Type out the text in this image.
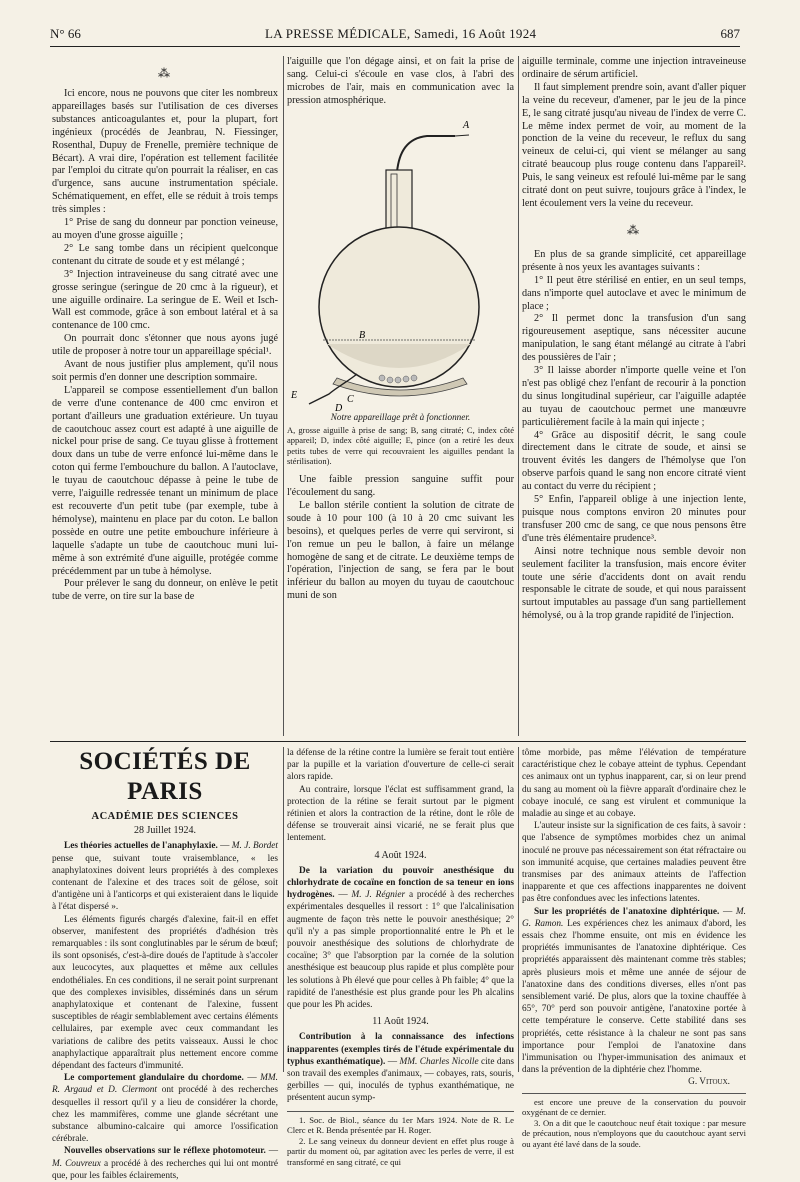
N° 66	LA PRESSE MÉDICALE, Samedi, 16 Août 1924	687
⁂

Ici encore, nous ne pouvons que citer les nombreux appareillages basés sur l'utilisation de ces diverses substances anticoagulantes et, pour la plupart, fort ingénieux (procédés de Jeanbrau, N. Fiessinger, Rosenthal, Dupuy de Frenelle, première technique de Bécart). A vrai dire, l'opération est tellement facilitée par l'emploi du citrate qu'on pourrait la réaliser, en cas d'urgence, sans aucune instrumentation spéciale. Schématiquement, en effet, elle se réduit à trois temps très simples :

1° Prise de sang du donneur par ponction veineuse, au moyen d'une grosse aiguille ;

2° Le sang tombe dans un récipient quelconque contenant du citrate de soude et y est mélangé ;

3° Injection intraveineuse du sang citraté avec une grosse seringue (seringue de 20 cmc à la rigueur), et une aiguille ordinaire. La seringue de E. Weil et Isch-Wall est commode, grâce à son embout latéral et à sa contenance de 100 cmc.

On pourrait donc s'étonner que nous ayons jugé utile de proposer à notre tour un appareillage spécial¹.

Avant de nous justifier plus amplement, qu'il nous soit permis d'en donner une description sommaire.

L'appareil se compose essentiellement d'un ballon de verre d'une contenance de 400 cmc environ et portant d'ailleurs une graduation extérieure. Un tuyau de caoutchouc assez court est adapté à une aiguille de nickel pour prise de sang. Ce tuyau glisse à frottement doux dans un tube de verre enfoncé lui-même dans le coton qui ferme l'embouchure du ballon. A l'autoclave, le tuyau de caoutchouc dépasse à peine le tube de verre, l'aiguille redressée tenant un minimum de place est recouverte d'un petit tube (par exemple, tube à hémolyse), maintenu en place par du coton. Le ballon possède en outre une petite embouchure inférieure à laquelle s'adapte un tube de caoutchouc muni lui-même à son extrémité d'une aiguille, protégée comme précédemment par un tube à hémolyse.

Pour prélever le sang du donneur, on enlève le petit tube de verre, on tire sur la base de

l'aiguille que l'on dégage ainsi, et on fait la prise de sang. Celui-ci s'écoule en vase clos, à l'abri des microbes de l'air, mais en communication avec la pression atmosphérique.

A
B
E	C
D
Notre appareillage prêt à fonctionner.
A, grosse aiguille à prise de sang; B, sang citraté; C, index côté appareil; D, index côté aiguille; E, pince (on a retiré les deux petits tubes de verre qui recouvraient les aiguilles pendant la stérilisation).

Une faible pression sanguine suffit pour l'écoulement du sang.

Le ballon stérile contient la solution de citrate de soude à 10 pour 100 (à 10 à 20 cmc suivant les besoins), et quelques perles de verre qui serviront, si l'on remue un peu le ballon, à faire un mélange homogène de sang et de citrate. Le deuxième temps de l'opération, l'injection de sang, se fera par le bout inférieur du ballon au moyen du tuyau de caoutchouc muni de son

aiguille terminale, comme une injection intraveineuse ordinaire de sérum artificiel.

Il faut simplement prendre soin, avant d'aller piquer la veine du receveur, d'amener, par le jeu de la pince E, le sang citraté jusqu'au niveau de l'index de verre C. Le même index permet de voir, au moment de la ponction de la veine du receveur, le reflux du sang veineux de celui-ci, qui vient se mélanger au sang citraté beaucoup plus rouge contenu dans l'appareil². Puis, le sang veineux est refoulé lui-même par le sang citraté dont on peut suivre, toujours grâce à l'index, le lent écoulement vers la veine du receveur.

⁂

En plus de sa grande simplicité, cet appareillage présente à nos yeux les avantages suivants :

1° Il peut être stérilisé en entier, en un seul temps, dans n'importe quel autoclave et avec le minimum de place ;

2° Il permet donc la transfusion d'un sang rigoureusement aseptique, sans nécessiter aucune manipulation, le sang étant mélangé au citrate à l'abri des poussières de l'air ;

3° Il laisse aborder n'importe quelle veine et l'on n'est pas obligé chez l'enfant de recourir à la ponction du sinus longitudinal supérieur, car l'aiguille adaptée au tuyau de caoutchouc permet une manœuvre particulièrement facile à la main qui injecte ;

4° Grâce au dispositif décrit, le sang coule directement dans le citrate de soude, et ainsi se trouvent évités les dangers de l'hémolyse que l'on observe parfois quand le sang non encore citraté vient au contact du verre du récipient ;

5° Enfin, l'appareil oblige à une injection lente, puisque nous comptons environ 20 minutes pour transfuser 200 cmc de sang, ce que nous pensons être d'une très élémentaire prudence³.

Ainsi notre technique nous semble devoir non seulement faciliter la transfusion, mais encore éviter toute une série d'accidents dont on avait rendu responsable le citrate de soude, et qui nous paraissent surtout imputables au passage d'un sang partiellement hémolysé, ou à la trop grande rapidité de l'injection.

SOCIÉTÉS DE PARIS
ACADÉMIE DES SCIENCES
28 Juillet 1924.

Les théories actuelles de l'anaphylaxie. — M. J. Bordet pense que, suivant toute vraisemblance, « les anaphylatoxines doivent leurs propriétés à des complexes contenant de l'alexine et des traces soit de gélose, soit d'antigène uni à l'anticorps et qui existeraient dans le liquide à l'état dispersé ».

Les éléments figurés chargés d'alexine, fait-il en effet observer, manifestent des propriétés d'adhésion très remarquables : ils sont conglutinables par le sérum de bœuf; ils sont opsonisés, c'est-à-dire doués de l'aptitude à s'accoler aux leucocytes, aux plaquettes et même aux cellules endothéliales. En ces conditions, il ne serait point surprenant que des complexes invisibles, disséminés dans un sérum anaphylatoxique et contenant de l'alexine, fussent susceptibles de réagir semblablement avec certains éléments cellulaires, par exemple avec ceux commandant les variations de calibre des petits vaisseaux. Aussi le choc anaphylactique apparaîtrait plus nettement encore comme dépendant des facteurs d'immunité.

Le comportement glandulaire du chordome. — MM. R. Argaud et D. Clermont ont procédé à des recherches desquelles il ressort qu'il y a lieu de considérer la chorde, chez les mammifères, comme une glande sécrétant une substance albumino-calcaire qui amorce l'ossification cérébrale.

Nouvelles observations sur le réflexe photomoteur. — M. Couvreux a procédé à des recherches qui lui ont montré que, pour les faibles éclairements,

la défense de la rétine contre la lumière se ferait tout entière par la pupille et la variation d'ouverture de celle-ci serait alors rapide.

Au contraire, lorsque l'éclat est suffisamment grand, la protection de la rétine se ferait surtout par le pigment rétinien et alors la contraction de la rétine, dont le rôle de défense se trouverait ainsi vicarié, ne se ferait plus que lentement.

4 Août 1924.

De la variation du pouvoir anesthésique du chlorhydrate de cocaïne en fonction de sa teneur en ions hydrogènes. — M. J. Régnier a procédé à des recherches expérimentales desquelles il ressort : 1° que l'alcalinisation augmente de façon très nette le pouvoir anesthésique; 2° qu'il n'y a pas simple proportionnalité entre le Ph et le pouvoir anesthésique des solutions de chlorhydrate de cocaïne; 3° que l'absorption par la cornée de la solution anesthésique est beaucoup plus rapide et plus complète pour les solutions à Ph élevé que pour celles à Ph faible; 4° que la rapidité de l'anesthésie est plus grande pour les Ph alcalins que pour les Ph acides.

11 Août 1924.

Contribution à la connaissance des infections inapparentes (exemples tirés de l'étude expérimentale du typhus exanthématique). — MM. Charles Nicolle cite dans son travail des exemples d'animaux, — cobayes, rats, souris, gerbilles — qui, inoculés de typhus exanthématique, ne présentent aucun symp-

1. Soc. de Biol., séance du 1er Mars 1924. Note de R. Le Clerc et R. Benda présentée par H. Roger.

2. Le sang veineux du donneur devient en effet plus rouge à partir du moment où, par agitation avec les perles de verre, il est transformé en sang citraté, ce qui

tôme morbide, pas même l'élévation de température caractéristique chez le cobaye atteint de typhus. Cependant ces animaux ont un typhus inapparent, car, si on leur prend du sang au moment où la fièvre apparaît d'ordinaire chez le cobaye inoculé, ce sang est virulent et communique la maladie au singe et au cobaye.

L'auteur insiste sur la signification de ces faits, à savoir : que l'absence de symptômes morbides chez un animal inoculé ne prouve pas nécessairement son état réfractaire ou son immunité acquise, que certaines maladies peuvent être transmises par des animaux atteints de l'affection inapparente et que ces affections inapparentes ne doivent pas être confondues avec les infections latentes.

Sur les propriétés de l'anatoxine diphtérique. — M. G. Ramon. Les expériences chez les animaux d'abord, les essais chez l'homme ensuite, ont mis en évidence les propriétés immunisantes de l'anatoxine diphtérique. Ces propriétés apparaissent dès maintenant comme très stables; après plusieurs mois et même une année de séjour de l'anatoxine dans des conditions diverses, elles n'ont pas sensiblement varié. De plus, alors que la toxine chauffée à 65°, 70° perd son pouvoir antigène, l'anatoxine portée à cette température le conserve. Cette stabilité dans ses propriétés, cette résistance à la chaleur ne sont pas sans importance pour l'emploi de l'anatoxine dans l'immunisation ou l'hyper-immunisation des animaux et dans la prévention de la diphtérie chez l'homme.

G. Vitoux.

est encore une preuve de la conservation du pouvoir oxygénant de ce dernier.

3. On a dit que le caoutchouc neuf était toxique : par mesure de précaution, nous n'employons que du caoutchouc ayant servi ou ayant été lavé dans de la soude.
